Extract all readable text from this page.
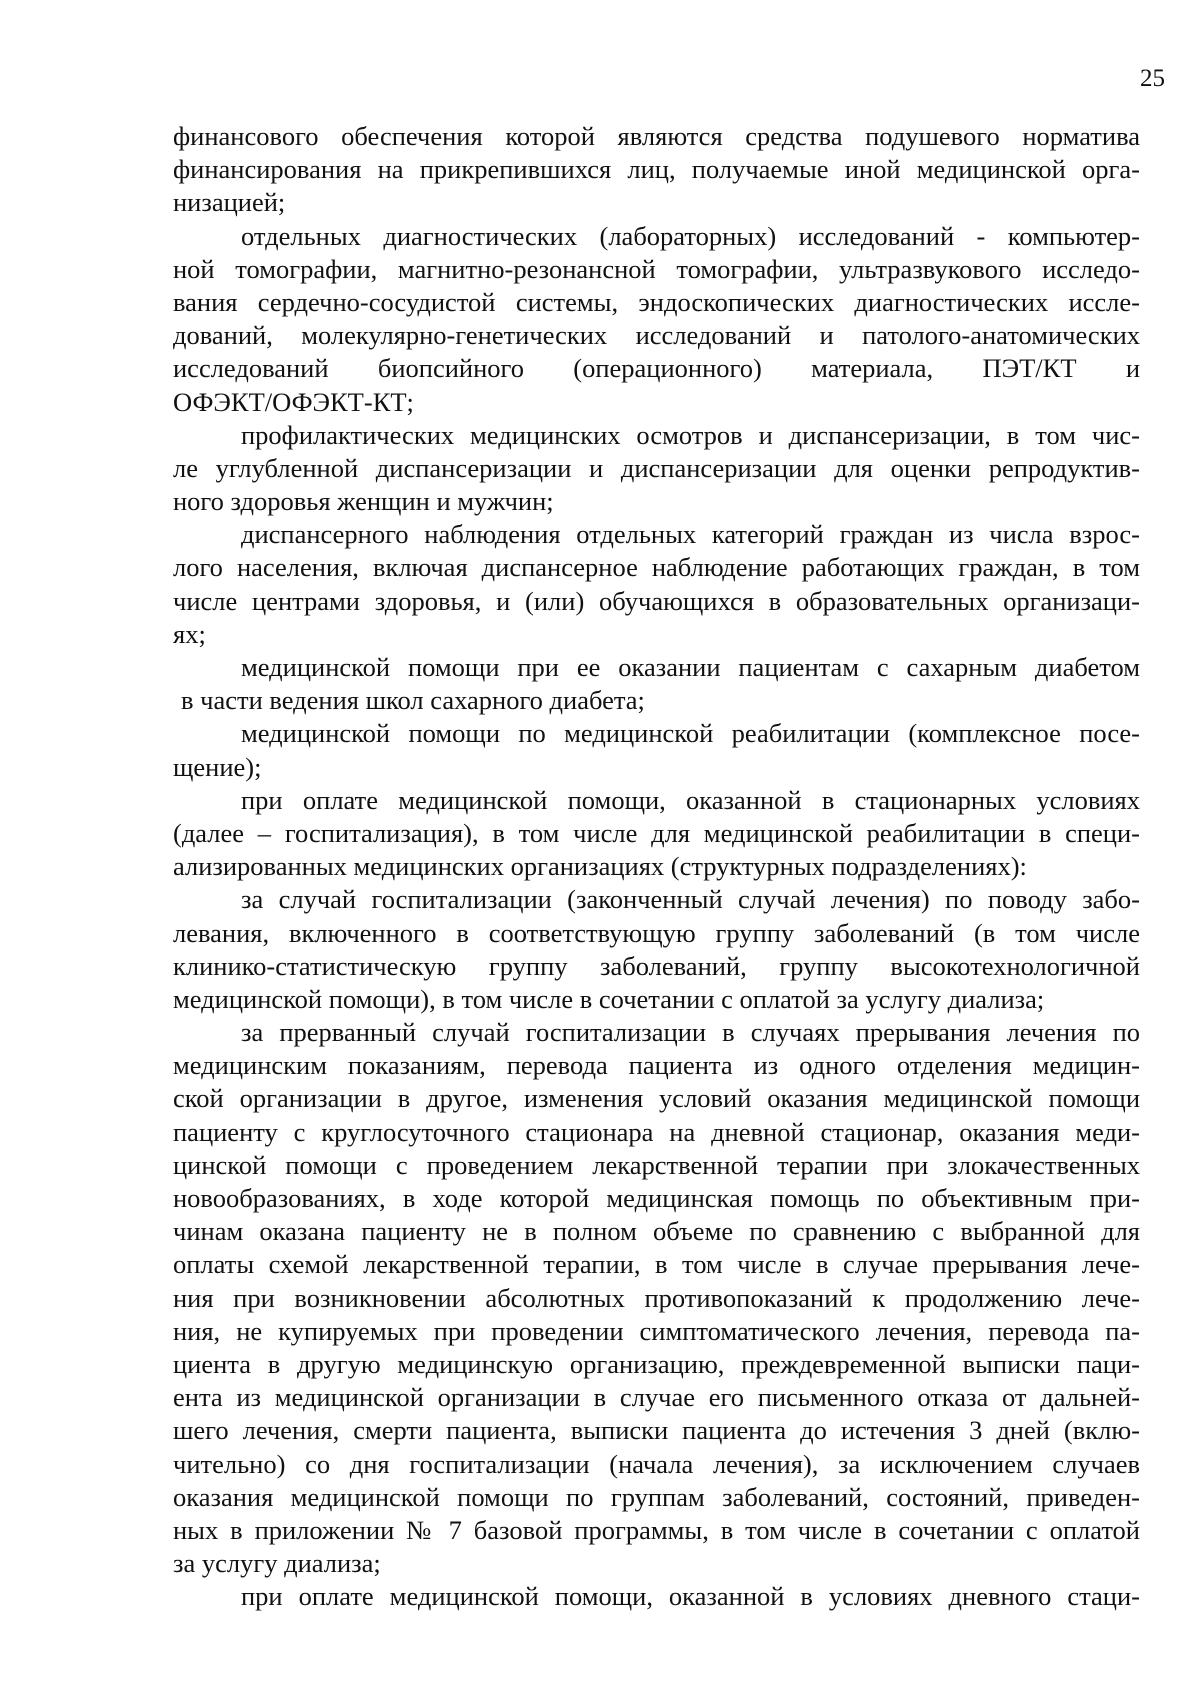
25
финансового обеспечения которой являются средства подушевого норматива
финансирования на прикрепившихся лиц, получаемые иной медицинской орга-
низацией;
отдельных диагностических (лабораторных) исследований - компьютер-
ной томографии, магнитно-резонансной томографии, ультразвукового исследо-
вания сердечно-сосудистой системы, эндоскопических диагностических иссле-
дований, молекулярно-генетических исследований и патолого-анатомических
исследований биопсийного (операционного) материала, ПЭТ/КТ и
ОФЭКТ/ОФЭКТ-КТ;
профилактических медицинских осмотров и диспансеризации, в том чис-
ле углубленной диспансеризации и диспансеризации для оценки репродуктив-
ного здоровья женщин и мужчин;
диспансерного наблюдения отдельных категорий граждан из числа взрос-
лого населения, включая диспансерное наблюдение работающих граждан, в том
числе центрами здоровья, и (или) обучающихся в образовательных организаци-
ях;
медицинской помощи при ее оказании пациентам с сахарным диабетом
в части ведения школ сахарного диабета;
медицинской помощи по медицинской реабилитации (комплексное посе-
щение);
при оплате медицинской помощи, оказанной в стационарных условиях
(далее – госпитализация), в том числе для медицинской реабилитации в специ-
ализированных медицинских организациях (структурных подразделениях):
за случай госпитализации (законченный случай лечения) по поводу забо-
левания, включенного в соответствующую группу заболеваний (в том числе
клинико-статистическую группу заболеваний, группу высокотехнологичной
медицинской помощи), в том числе в сочетании с оплатой за услугу диализа;
за прерванный случай госпитализации в случаях прерывания лечения по
медицинским показаниям, перевода пациента из одного отделения медицин-
ской организации в другое, изменения условий оказания медицинской помощи
пациенту с круглосуточного стационара на дневной стационар, оказания меди-
цинской помощи с проведением лекарственной терапии при злокачественных
новообразованиях, в ходе которой медицинская помощь по объективным при-
чинам оказана пациенту не в полном объеме по сравнению с выбранной для
оплаты схемой лекарственной терапии, в том числе в случае прерывания лече-
ния при возникновении абсолютных противопоказаний к продолжению лече-
ния, не купируемых при проведении симптоматического лечения, перевода па-
циента в другую медицинскую организацию, преждевременной выписки паци-
ента из медицинской организации в случае его письменного отказа от дальней-
шего лечения, смерти пациента, выписки пациента до истечения 3 дней (вклю-
чительно) со дня госпитализации (начала лечения), за исключением случаев
оказания медицинской помощи по группам заболеваний, состояний, приведен-
ных в приложении № 7 базовой программы, в том числе в сочетании с оплатой
за услугу диализа;
при оплате медицинской помощи, оказанной в условиях дневного стаци-
